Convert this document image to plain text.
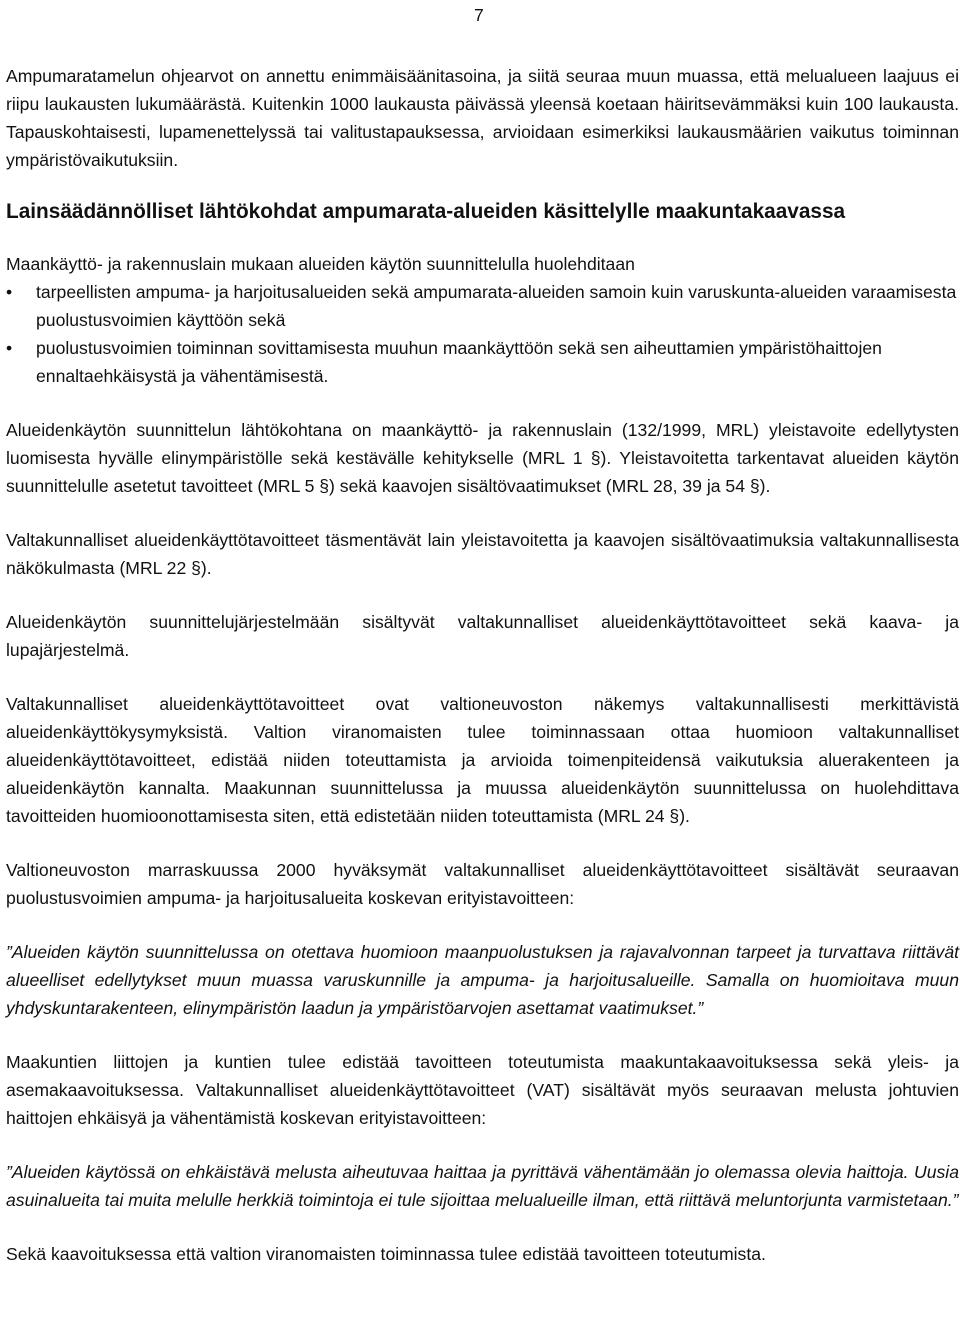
7

Ampumaratamelun ohjearvot on annettu enimmäisäänitasoina, ja siitä seuraa muun muassa, että melualueen laajuus ei riipu laukausten lukumäärästä. Kuitenkin 1000 laukausta päivässä yleensä koetaan häiritsevämmäksi kuin 100 laukausta. Tapauskohtaisesti, lupamenettelyssä tai valitustapauksessa, arvioidaan esimerkiksi laukausmäärien vaikutus toiminnan ympäristövaikutuksiin.

Lainsäädännölliset lähtökohdat ampumarata-alueiden käsittelylle maakuntakaavassa

Maankäyttö- ja rakennuslain mukaan alueiden käytön suunnittelulla huolehditaan

• tarpeellisten ampuma- ja harjoitusalueiden sekä ampumarata-alueiden samoin kuin varuskunta-alueiden varaamisesta puolustusvoimien käyttöön sekä
• puolustusvoimien toiminnan sovittamisesta muuhun maankäyttöön sekä sen aiheuttamien ympäristöhaittojen ennaltaehkäisystä ja vähentämisestä.

Alueidenkäytön suunnittelun lähtökohtana on maankäyttö- ja rakennuslain (132/1999, MRL) yleistavoite edellytysten luomisesta hyvälle elinympäristölle sekä kestävälle kehitykselle (MRL 1 §). Yleistavoitetta tarkentavat alueiden käytön suunnittelulle asetetut tavoitteet (MRL 5 §) sekä kaavojen sisältövaatimukset (MRL 28, 39 ja 54 §).

Valtakunnalliset alueidenkäyttötavoitteet täsmentävät lain yleistavoitetta ja kaavojen sisältövaatimuksia valtakunnallisesta näkökulmasta (MRL 22 §).

Alueidenkäytön suunnittelujärjestelmään sisältyvät valtakunnalliset alueidenkäyttötavoitteet sekä kaava- ja lupajärjestelmä.

Valtakunnalliset alueidenkäyttötavoitteet ovat valtioneuvoston näkemys valtakunnallisesti merkittävistä alueidenkäyttökysymyksistä. Valtion viranomaisten tulee toiminnassaan ottaa huomioon valtakunnalliset alueidenkäyttötavoitteet, edistää niiden toteuttamista ja arvioida toimenpiteidensä vaikutuksia aluerakenteen ja alueidenkäytön kannalta. Maakunnan suunnittelussa ja muussa alueidenkäytön suunnittelussa on huolehdittava tavoitteiden huomioonottamisesta siten, että edistetään niiden toteuttamista (MRL 24 §).

Valtioneuvoston marraskuussa 2000 hyväksymät valtakunnalliset alueidenkäyttötavoitteet sisältävät seuraavan puolustusvoimien ampuma- ja harjoitusalueita koskevan erityistavoitteen:

”Alueiden käytön suunnittelussa on otettava huomioon maanpuolustuksen ja rajavalvonnan tarpeet ja turvattava riittävät alueelliset edellytykset muun muassa varuskunnille ja ampuma- ja harjoitusalueille. Samalla on huomioitava muun yhdyskuntarakenteen, elinympäristön laadun ja ympäristöarvojen asettamat vaatimukset.”

Maakuntien liittojen ja kuntien tulee edistää tavoitteen toteutumista maakuntakaavoituksessa sekä yleis- ja asemakaavoituksessa. Valtakunnalliset alueidenkäyttötavoitteet (VAT) sisältävät myös seuraavan melusta johtuvien haittojen ehkäisyä ja vähentämistä koskevan erityistavoitteen:

”Alueiden käytössä on ehkäistävä melusta aiheutuvaa haittaa ja pyrittävä vähentämään jo olemassa olevia haittoja. Uusia asuinalueita tai muita melulle herkkiä toimintoja ei tule sijoittaa melualueille ilman, että riittävä meluntorjunta varmistetaan.”

Sekä kaavoituksessa että valtion viranomaisten toiminnassa tulee edistää tavoitteen toteutumista.
